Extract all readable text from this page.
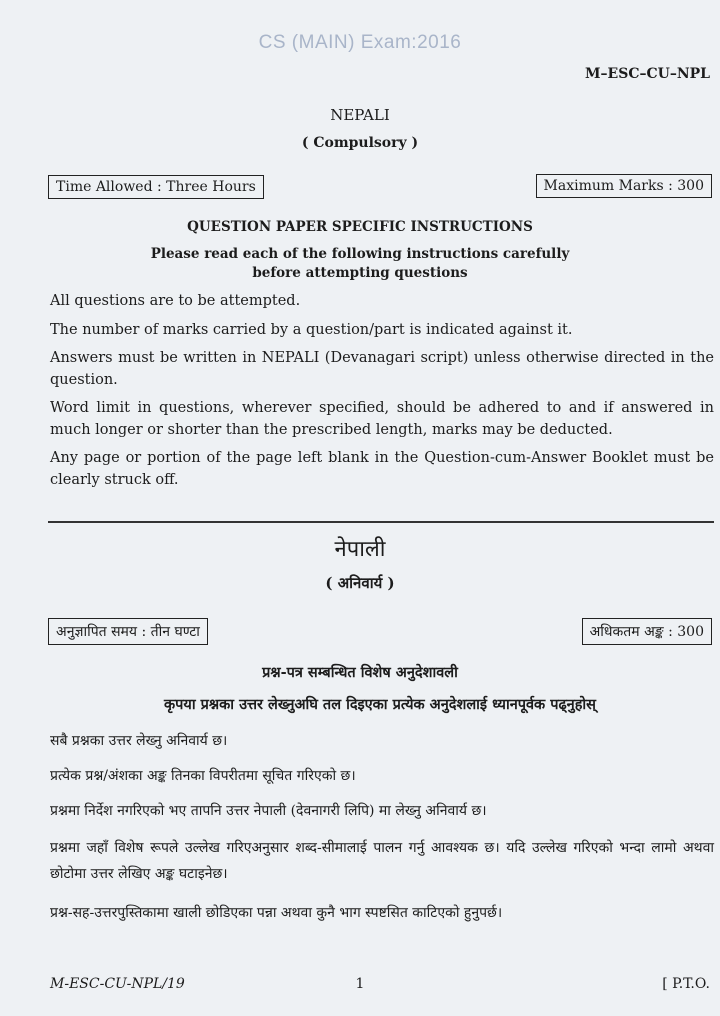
CS (MAIN) Exam:2016
M–ESC–CU–NPL
NEPALI
( Compulsory )
Time Allowed : Three Hours	Maximum Marks : 300
QUESTION PAPER SPECIFIC INSTRUCTIONS
Please read each of the following instructions carefully
before attempting questions
All questions are to be attempted.
The number of marks carried by a question/part is indicated against it.
Answers must be written in NEPALI (Devanagari script) unless otherwise directed in the question.
Word limit in questions, wherever specified, should be adhered to and if answered in much longer or shorter than the prescribed length, marks may be deducted.
Any page or portion of the page left blank in the Question-cum-Answer Booklet must be clearly struck off.
नेपाली
( अनिवार्य )
अनुज्ञापित समय : तीन घण्टा	अधिकतम अङ्क : 300
प्रश्न-पत्र सम्बन्धित विशेष अनुदेशावली
कृपया प्रश्नका उत्तर लेख्नुअघि तल दिइएका प्रत्येक अनुदेशलाई ध्यानपूर्वक पढ्नुहोस्
सबै प्रश्नका उत्तर लेख्नु अनिवार्य छ।
प्रत्येक प्रश्न/अंशका अङ्क तिनका विपरीतमा सूचित गरिएको छ।
प्रश्नमा निर्देश नगरिएको भए तापनि उत्तर नेपाली (देवनागरी लिपि) मा लेख्नु अनिवार्य छ।
प्रश्नमा जहाँ विशेष रूपले उल्लेख गरिएअनुसार शब्द-सीमालाई पालन गर्नु आवश्यक छ। यदि उल्लेख गरिएको भन्दा लामो अथवा छोटोमा उत्तर लेखिए अङ्क घटाइनेछ।
प्रश्न-सह-उत्तरपुस्तिकामा खाली छोडिएका पन्ना अथवा कुनै भाग स्पष्टसित काटिएको हुनुपर्छ।
M-ESC-CU-NPL/19	1	[ P.T.O.
